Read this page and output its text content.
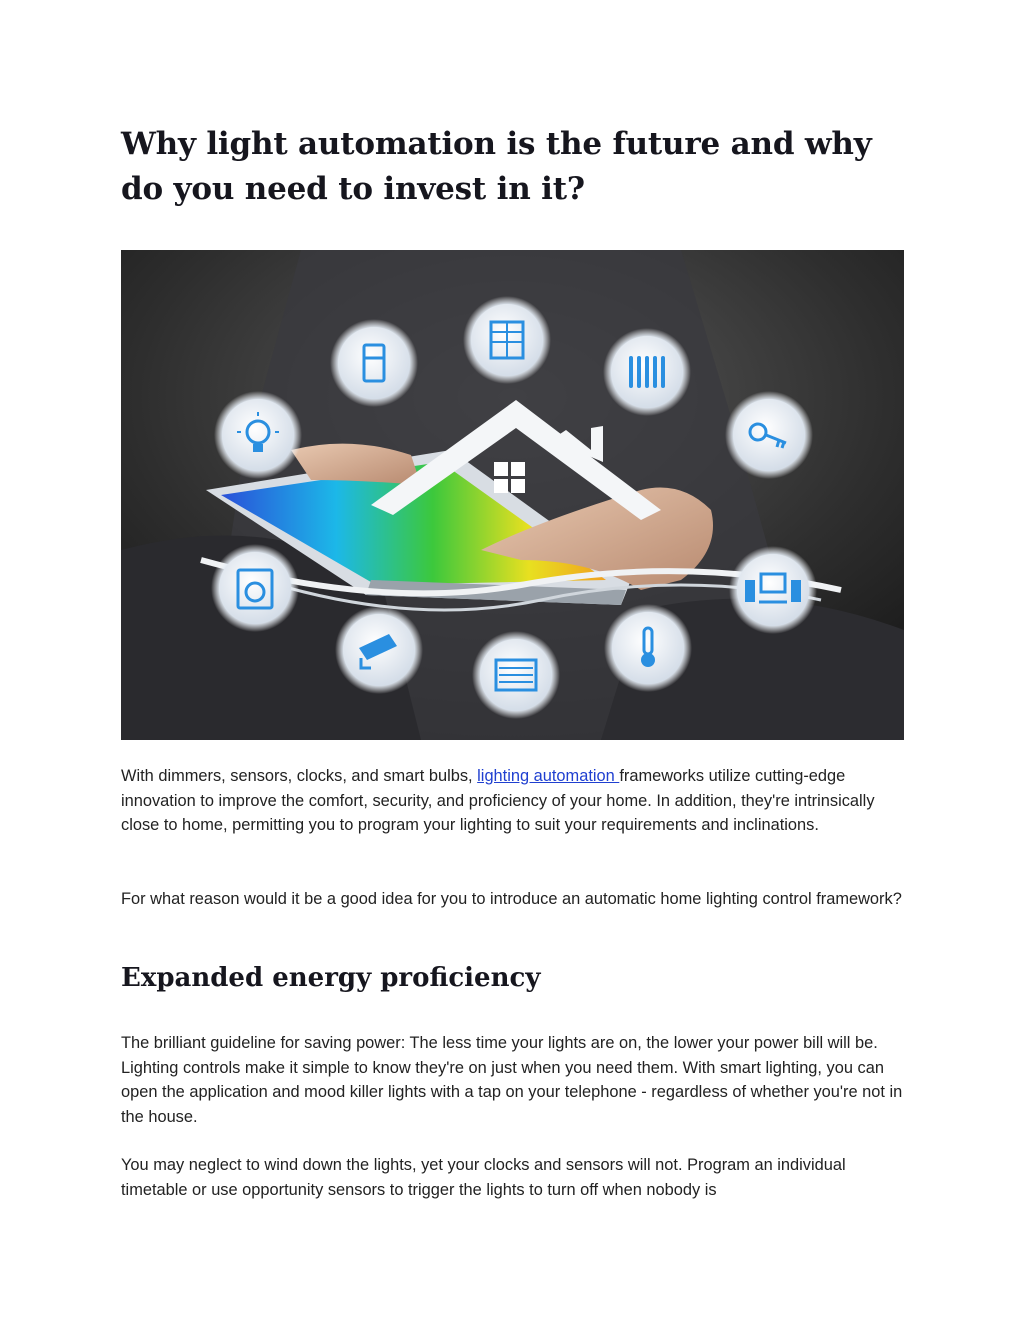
Why light automation is the future and why do you need to invest in it?

With dimmers, sensors, clocks, and smart bulbs, lighting automation frameworks utilize cutting-edge innovation to improve the comfort, security, and proficiency of your home. In addition, they're intrinsically close to home, permitting you to program your lighting to suit your requirements and inclinations.

For what reason would it be a good idea for you to introduce an automatic home lighting control framework?

Expanded energy proficiency

The brilliant guideline for saving power: The less time your lights are on, the lower your power bill will be. Lighting controls make it simple to know they're on just when you need them. With smart lighting, you can open the application and mood killer lights with a tap on your telephone - regardless of whether you're not in the house.

You may neglect to wind down the lights, yet your clocks and sensors will not. Program an individual timetable or use opportunity sensors to trigger the lights to turn off when nobody is
